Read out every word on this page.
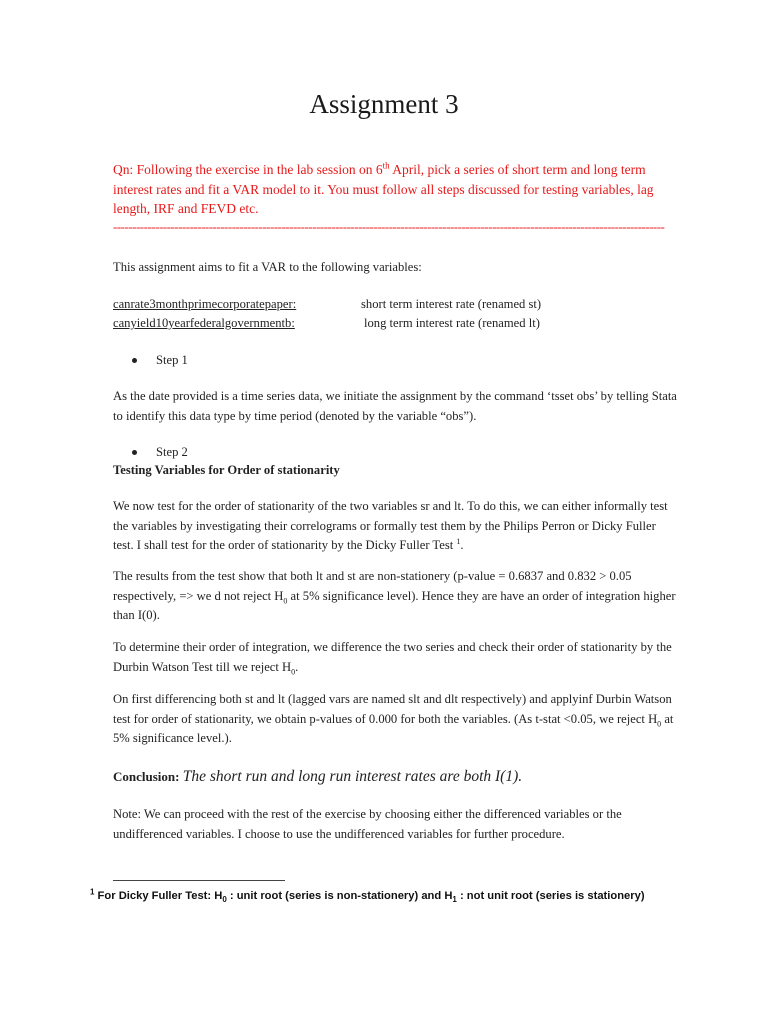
Assignment 3
Qn: Following the exercise in the lab session on 6th April, pick a series of short term and long term interest rates and fit a VAR model to it. You must follow all steps discussed for testing variables, lag length, IRF and FEVD etc.
------------------------------------------------------------------------------------------------------------------------------------------------
This assignment aims to fit a VAR to the following variables:
canrate3monthprimecorporatepaper:	short term interest rate (renamed st)
canyield10yearfederalgovernmentb:	long term interest rate (renamed lt)
Step 1
As the date provided is a time series data, we initiate the assignment by the command ‘tsset obs’ by telling Stata to identify this data type by time period (denoted by the variable “obs”).
Step 2
Testing Variables for Order of stationarity
We now test for the order of stationarity of the two variables sr and lt. To do this, we can either informally test the variables by investigating their correlograms or formally test them by the Philips Perron or Dicky Fuller test. I shall test for the order of stationarity by the Dicky Fuller Test $^1$.
The results from the test show that both lt and st are non-stationery (p-value = 0.6837 and 0.832 > 0.05 respectively, => we d not reject $H_0$ at 5% significance level). Hence they are have an order of integration higher than I(0).
To determine their order of integration, we difference the two series and check their order of stationarity by the Durbin Watson Test till we reject $H_0$.
On first differencing both st and lt (lagged vars are named slt and dlt respectively) and applyinf Durbin Watson test for order of stationarity, we obtain p-values of 0.000 for both the variables. (As t-stat <0.05, we reject $H_0$ at 5% significance level.).
Conclusion: The short run and long run interest rates are both I(1).
Note: We can proceed with the rest of the exercise by choosing either the differenced variables or the undifferenced variables. I choose to use the undifferenced variables for further procedure.
$^1$ For Dicky Fuller Test: $H_0$ : unit root (series is non-stationery) and $H_1$ : not unit root (series is stationery)
